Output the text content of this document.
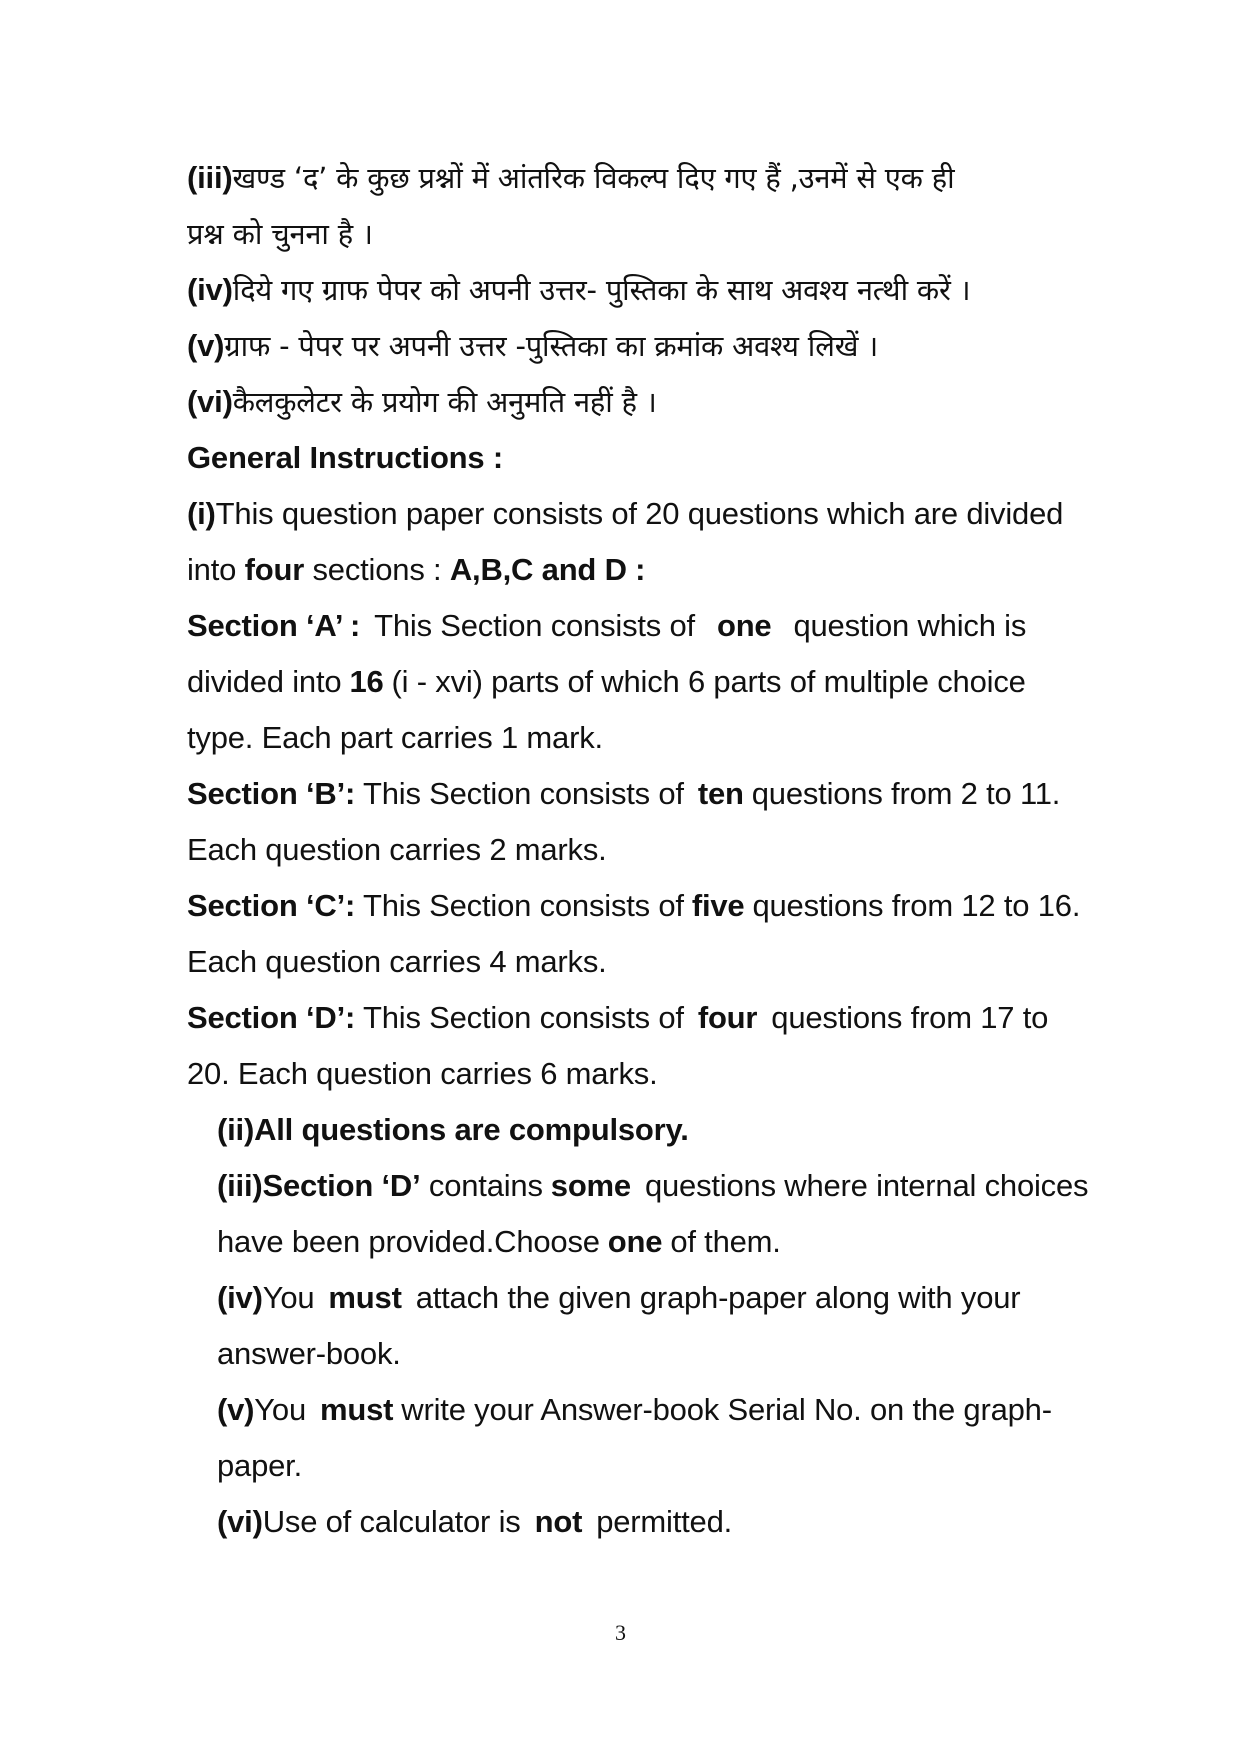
(iii)खण्ड ‘द’ के कुछ प्रश्नों में आंतरिक विकल्प दिए गए हैं ,उनमें से एक ही
प्रश्न को चुनना है ।
(iv)दिये गए ग्राफ पेपर को अपनी उत्तर- पुस्तिका के साथ अवश्य नत्थी करें ।
(v)ग्राफ - पेपर पर अपनी उत्तर -पुस्तिका का क्रमांक अवश्य लिखें ।
(vi)कैलकुलेटर के प्रयोग की अनुमति नहीं है ।
General Instructions :
(i)This question paper consists of 20 questions which are divided
into four sections : A,B,C and D :
Section ‘A’ : This Section consists of one question which is
divided into 16 (i - xvi) parts of which 6 parts of multiple choice
type. Each part carries 1 mark.
Section ‘B’: This Section consists of ten questions from 2 to 11.
Each question carries 2 marks.
Section ‘C’: This Section consists of five questions from 12 to 16.
Each question carries 4 marks.
Section ‘D’: This Section consists of four questions from 17 to
20. Each question carries 6 marks.
(ii)All questions are compulsory.
(iii)Section ‘D’ contains some questions where internal choices
have been provided.Choose one of them.
(iv)You must attach the given graph-paper along with your
answer-book.
(v)You must write your Answer-book Serial No. on the graph-
paper.
(vi)Use of calculator is not permitted.
3
